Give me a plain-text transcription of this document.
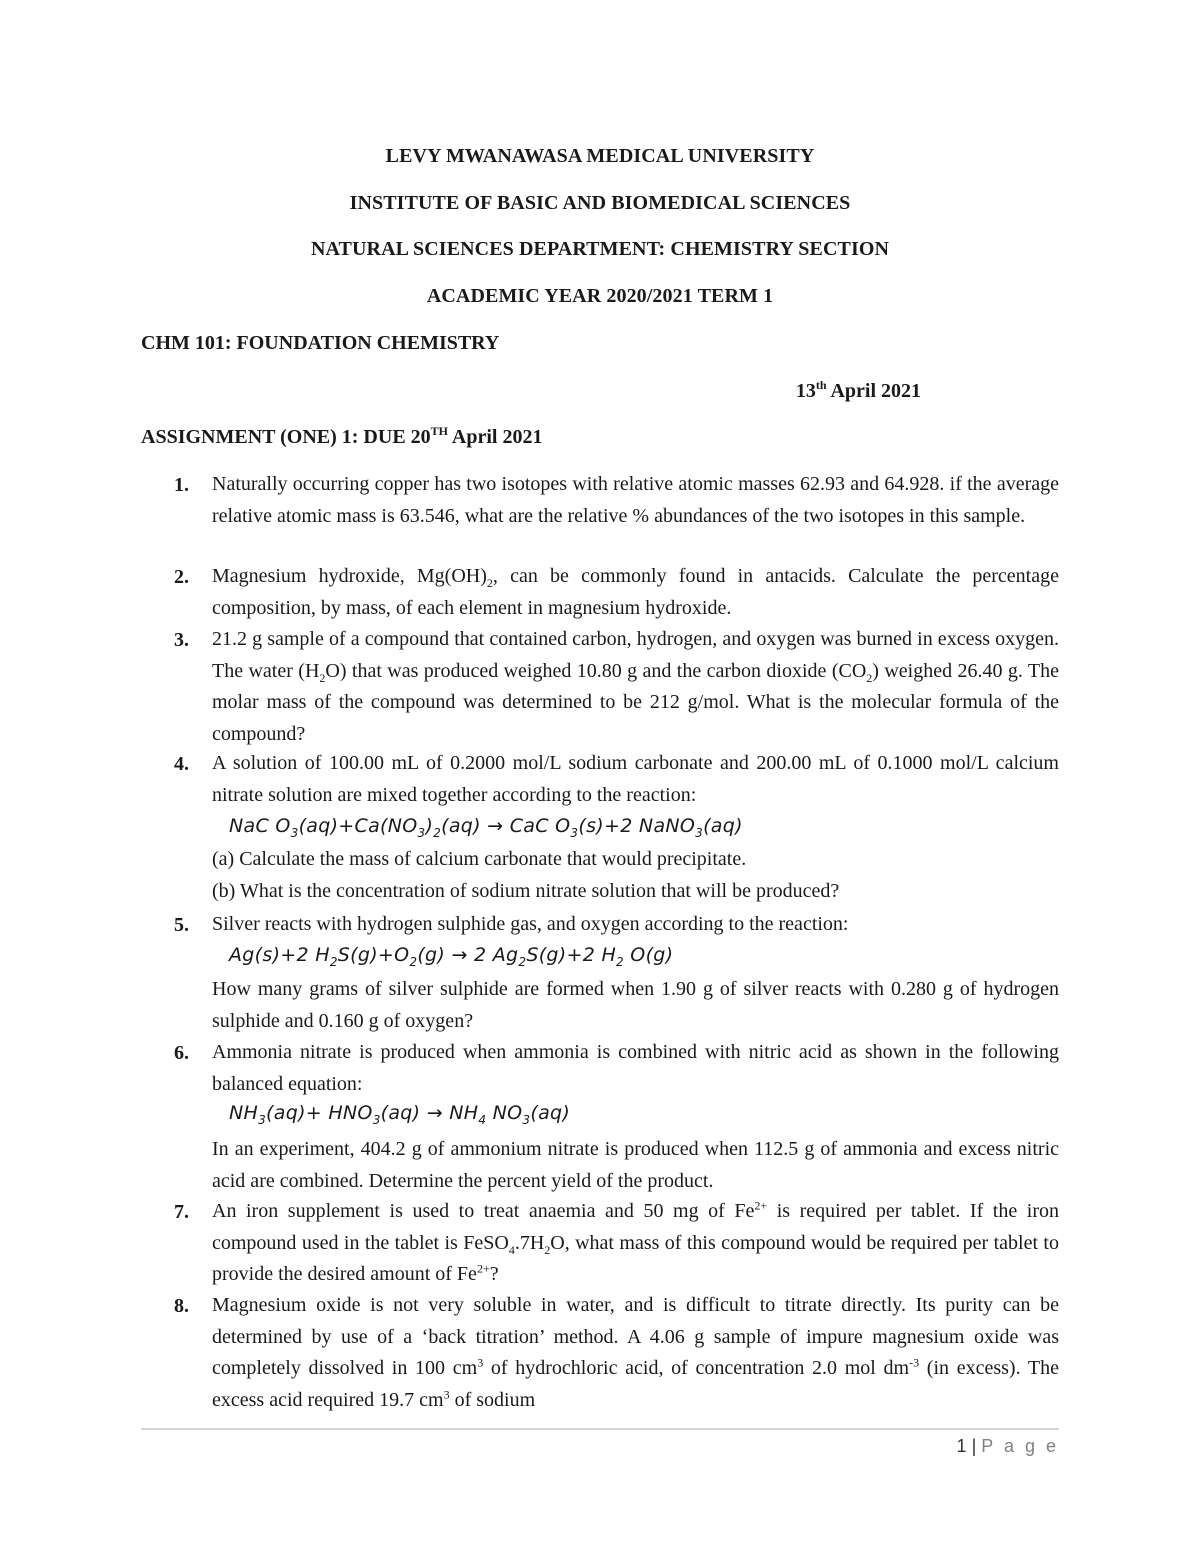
LEVY MWANAWASA MEDICAL UNIVERSITY
INSTITUTE OF BASIC AND BIOMEDICAL SCIENCES
NATURAL SCIENCES DEPARTMENT: CHEMISTRY SECTION
ACADEMIC YEAR 2020/2021 TERM 1
CHM 101: FOUNDATION CHEMISTRY
13th April 2021
ASSIGNMENT (ONE) 1: DUE 20TH April 2021
1. Naturally occurring copper has two isotopes with relative atomic masses 62.93 and 64.928. if the average relative atomic mass is 63.546, what are the relative % abundances of the two isotopes in this sample.
2. Magnesium hydroxide, $Mg(OH)_2$, can be commonly found in antacids. Calculate the percentage composition, by mass, of each element in magnesium hydroxide.
3. 21.2 g sample of a compound that contained carbon, hydrogen, and oxygen was burned in excess oxygen. The water $(H_2O)$ that was produced weighed 10.80 g and the carbon dioxide $(CO_2)$ weighed 26.40 g. The molar mass of the compound was determined to be 212 g/mol. What is the molecular formula of the compound?
4. A solution of 100.00 mL of 0.2000 mol/L sodium carbonate and 200.00 mL of 0.1000 mol/L calcium nitrate solution are mixed together according to the reaction:
NaC $O_3(aq)+Ca(NO_3)_2(aq)$ → CaC $O_3(s)+2$ NaNO$_3$(aq)
(a) Calculate the mass of calcium carbonate that would precipitate.
(b) What is the concentration of sodium nitrate solution that will be produced?
5. Silver reacts with hydrogen sulphide gas, and oxygen according to the reaction:
Ag(s)+2 $H_2S(g)+O_2(g) \to 2$ $Ag_2S(g)+2$ $H_2$ O(g)
How many grams of silver sulphide are formed when 1.90 g of silver reacts with 0.280 g of hydrogen sulphide and 0.160 g of oxygen?
6. Ammonia nitrate is produced when ammonia is combined with nitric acid as shown in the following balanced equation:
$NH_3(aq)+ HNO_3(aq) \to NH_4$ $NO_3(aq)$
In an experiment, 404.2 g of ammonium nitrate is produced when 112.5 g of ammonia and excess nitric acid are combined. Determine the percent yield of the product.
7. An iron supplement is used to treat anaemia and 50 mg of $Fe^{2+}$ is required per tablet. If the iron compound used in the tablet is $FeSO_4.7H_2O$, what mass of this compound would be required per tablet to provide the desired amount of $Fe^{2+}$?
8. Magnesium oxide is not very soluble in water, and is difficult to titrate directly. Its purity can be determined by use of a ‘back titration’ method. A 4.06 g sample of impure magnesium oxide was completely dissolved in 100 $cm^3$ of hydrochloric acid, of concentration 2.0 mol $dm^{-3}$ (in excess). The excess acid required 19.7 $cm^3$ of sodium
1 | P a g e
